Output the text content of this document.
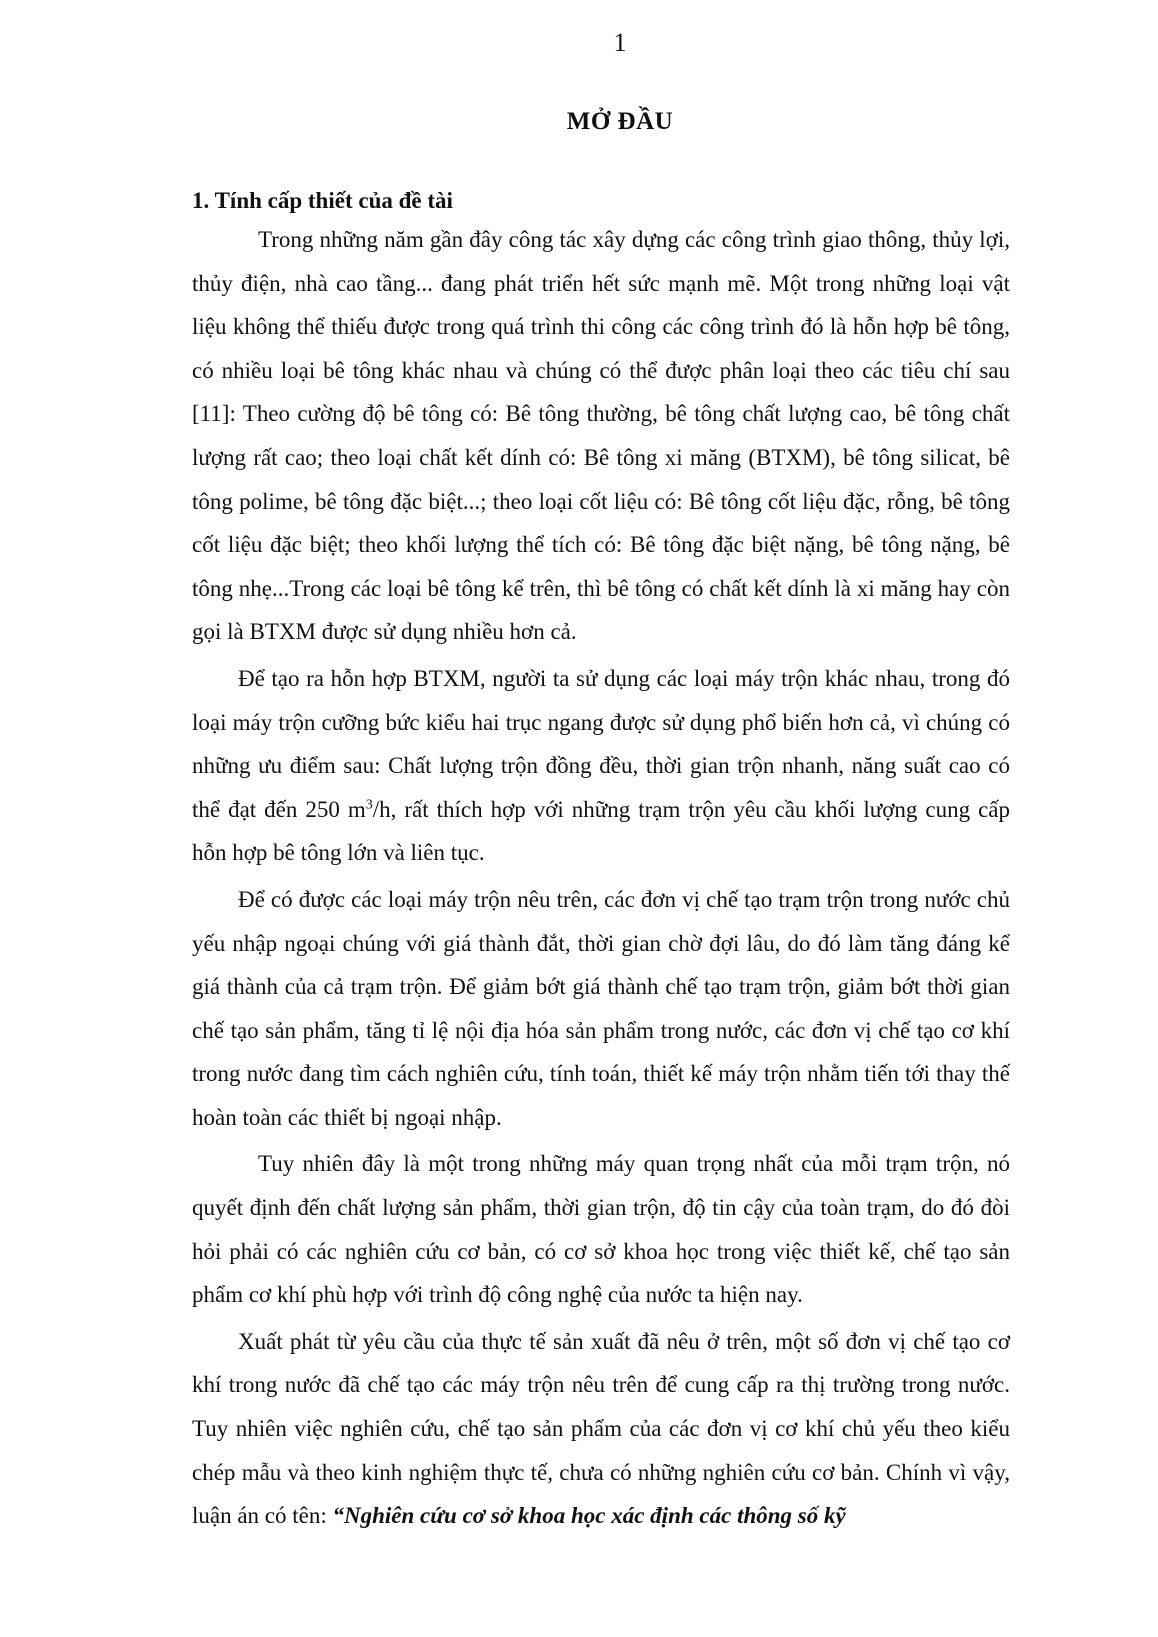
1
MỞ ĐẦU
1. Tính cấp thiết của đề tài

Trong những năm gần đây công tác xây dựng các công trình giao thông, thủy lợi, thủy điện, nhà cao tầng... đang phát triển hết sức mạnh mẽ. Một trong những loại vật liệu không thể thiếu được trong quá trình thi công các công trình đó là hỗn hợp bê tông, có nhiều loại bê tông khác nhau và chúng có thể được phân loại theo các tiêu chí sau [11]: Theo cường độ bê tông có: Bê tông thường, bê tông chất lượng cao, bê tông chất lượng rất cao; theo loại chất kết dính có: Bê tông xi măng (BTXM), bê tông silicat, bê tông polime, bê tông đặc biệt...; theo loại cốt liệu có: Bê tông cốt liệu đặc, rỗng, bê tông cốt liệu đặc biệt; theo khối lượng thể tích có: Bê tông đặc biệt nặng, bê tông nặng, bê tông nhẹ...Trong các loại bê tông kể trên, thì bê tông có chất kết dính là xi măng hay còn gọi là BTXM được sử dụng nhiều hơn cả.

Để tạo ra hỗn hợp BTXM, người ta sử dụng các loại máy trộn khác nhau, trong đó loại máy trộn cưỡng bức kiểu hai trục ngang được sử dụng phổ biến hơn cả, vì chúng có những ưu điểm sau: Chất lượng trộn đồng đều, thời gian trộn nhanh, năng suất cao có thể đạt đến 250 $m^3/h$, rất thích hợp với những trạm trộn yêu cầu khối lượng cung cấp hỗn hợp bê tông lớn và liên tục.

Để có được các loại máy trộn nêu trên, các đơn vị chế tạo trạm trộn trong nước chủ yếu nhập ngoại chúng với giá thành đắt, thời gian chờ đợi lâu, do đó làm tăng đáng kể giá thành của cả trạm trộn. Để giảm bớt giá thành chế tạo trạm trộn, giảm bớt thời gian chế tạo sản phẩm, tăng tỉ lệ nội địa hóa sản phẩm trong nước, các đơn vị chế tạo cơ khí trong nước đang tìm cách nghiên cứu, tính toán, thiết kế máy trộn nhằm tiến tới thay thế hoàn toàn các thiết bị ngoại nhập.

Tuy nhiên đây là một trong những máy quan trọng nhất của mỗi trạm trộn, nó quyết định đến chất lượng sản phẩm, thời gian trộn, độ tin cậy của toàn trạm, do đó đòi hỏi phải có các nghiên cứu cơ bản, có cơ sở khoa học trong việc thiết kế, chế tạo sản phẩm cơ khí phù hợp với trình độ công nghệ của nước ta hiện nay.

Xuất phát từ yêu cầu của thực tế sản xuất đã nêu ở trên, một số đơn vị chế tạo cơ khí trong nước đã chế tạo các máy trộn nêu trên để cung cấp ra thị trường trong nước. Tuy nhiên việc nghiên cứu, chế tạo sản phẩm của các đơn vị cơ khí chủ yếu theo kiểu chép mẫu và theo kinh nghiệm thực tế, chưa có những nghiên cứu cơ bản. Chính vì vậy, luận án có tên: “Nghiên cứu cơ sở khoa học xác định các thông số kỹ
